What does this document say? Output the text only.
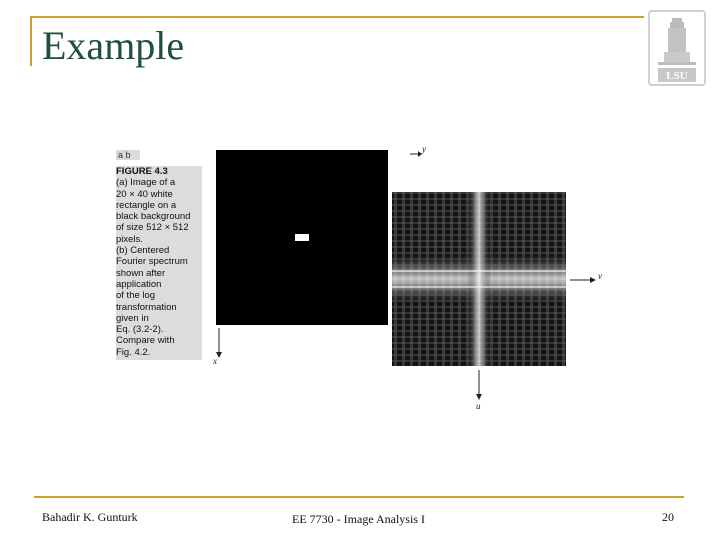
Example
LSU
a b
FIGURE 4.3
(a) Image of a
20 × 40 white
rectangle on a
black background
of size 512 × 512
pixels.
(b) Centered
Fourier spectrum
shown after
application
of the log
transformation
given in
Eq. (3.2-2).
Compare with
Fig. 4.2.
y
x
v
u
Bahadir K. Gunturk	EE 7730 - Image Analysis I	20
